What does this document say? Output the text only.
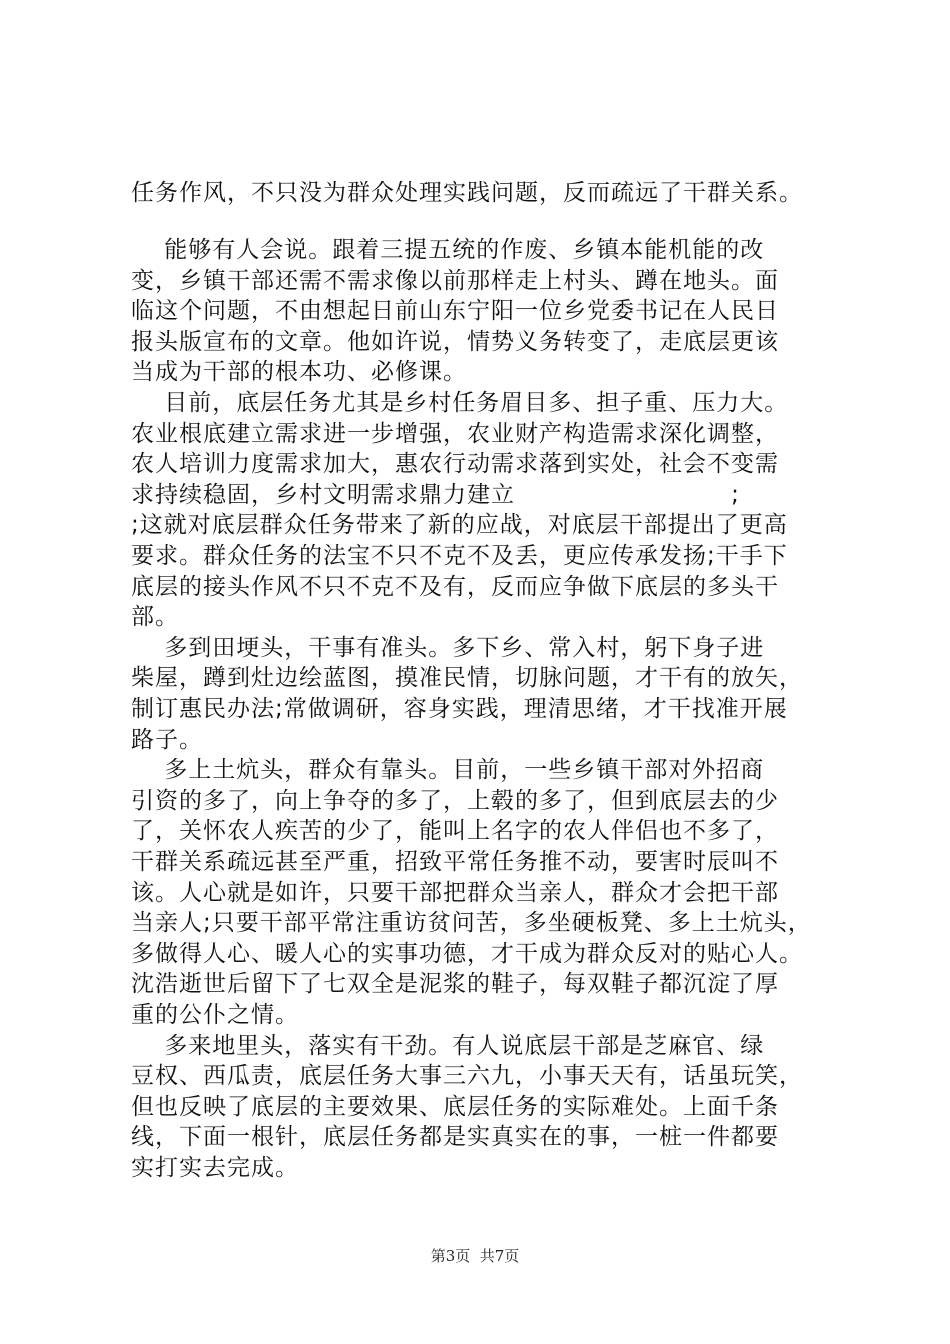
任务作风，不只没为群众处理实践问题，反而疏远了干群关系。
能够有人会说。跟着三提五统的作废、乡镇本能机能的改
变，乡镇干部还需不需求像以前那样走上村头、蹲在地头。面
临这个问题，不由想起日前山东宁阳一位乡党委书记在人民日
报头版宣布的文章。他如许说，情势义务转变了，走底层更该
当成为干部的根本功、必修课。
目前，底层任务尤其是乡村任务眉目多、担子重、压力大。
农业根底建立需求进一步增强，农业财产构造需求深化调整，
农人培训力度需求加大，惠农行动需求落到实处，社会不变需
求持续稳固，乡村文明需求鼎力建立                          ;
;这就对底层群众任务带来了新的应战，对底层干部提出了更高
要求。群众任务的法宝不只不克不及丢，更应传承发扬;干手下
底层的接头作风不只不克不及有，反而应争做下底层的多头干
部。
多到田埂头，干事有准头。多下乡、常入村，躬下身子进
柴屋，蹲到灶边绘蓝图，摸准民情，切脉问题，才干有的放矢，
制订惠民办法;常做调研，容身实践，理清思绪，才干找准开展
路子。
多上土炕头，群众有靠头。目前，一些乡镇干部对外招商
引资的多了，向上争夺的多了，上毂的多了，但到底层去的少
了，关怀农人疾苦的少了，能叫上名字的农人伴侣也不多了，
干群关系疏远甚至严重，招致平常任务推不动，要害时辰叫不
该。人心就是如许，只要干部把群众当亲人，群众才会把干部
当亲人;只要干部平常注重访贫问苦，多坐硬板凳、多上土炕头，
多做得人心、暖人心的实事功德，才干成为群众反对的贴心人。
沈浩逝世后留下了七双全是泥浆的鞋子，每双鞋子都沉淀了厚
重的公仆之情。
多来地里头，落实有干劲。有人说底层干部是芝麻官、绿
豆权、西瓜责，底层任务大事三六九，小事天天有，话虽玩笑，
但也反映了底层的主要效果、底层任务的实际难处。上面千条
线，下面一根针，底层任务都是实真实在的事，一桩一件都要
实打实去完成。
第3页  共7页
